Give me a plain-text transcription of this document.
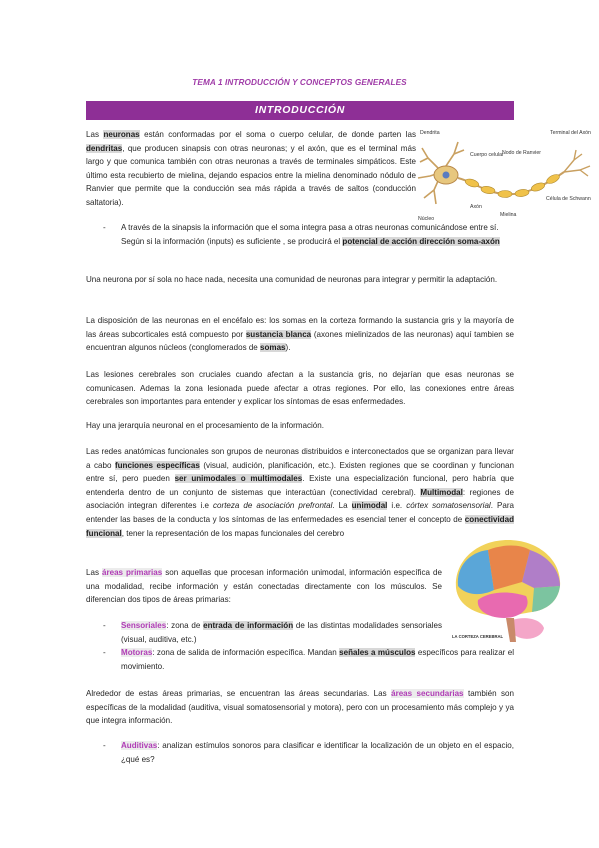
TEMA 1 INTRODUCCIÓN Y CONCEPTOS GENERALES
INTRODUCCIÓN
Dendrita
Cuerpo celular
Nodo de Ranvier
Terminal del Axón
Núcleo
Axón
Mielina
Célula de Schwann
LA CORTEZA CEREBRAL

Las neuronas están conformadas por el soma o cuerpo celular, de donde parten las dendritas, que producen sinapsis con otras neuronas; y el axón, que es el terminal más largo y que comunica también con otras neuronas a través de terminales simpáticos. Este último esta recubierto de mielina, dejando espacios entre la mielina denominado nódulo de Ranvier que permite que la conducción sea más rápida a través de saltos (conducción saltatoria).

- A través de la sinapsis la información que el soma integra pasa a otras neuronas comunicándose entre sí. Según si la información (inputs) es suficiente , se producirá el potencial de acción dirección soma-axón

Una neurona por sí sola no hace nada, necesita una comunidad de neuronas para integrar y permitir la adaptación.

La disposición de las neuronas en el encéfalo es: los somas en la corteza formando la sustancia gris y la mayoría de las áreas subcorticales está compuesto por sustancia blanca (axones mielinizados de las neuronas) aquí tambien se encuentran algunos núcleos (conglomerados de somas).

Las lesiones cerebrales son cruciales cuando afectan a la sustancia gris, no dejarían que esas neuronas se comunicasen. Ademas la zona lesionada puede afectar a otras regiones. Por ello, las conexiones entre áreas cerebrales son importantes para entender y explicar los síntomas de esas enfermedades.

Hay una jerarquía neuronal en el procesamiento de la información.

Las redes anatómicas funcionales son grupos de neuronas distribuidos e interconectados que se organizan para llevar a cabo funciones específicas (visual, audición, planificación, etc.). Existen regiones que se coordinan y funcionan entre sí, pero pueden ser unimodales o multimodales. Existe una especialización funcional, pero habría que entenderla dentro de un conjunto de sistemas que interactúan (conectividad cerebral). Multimodal: regiones de asociación integran diferentes i.e corteza de asociación prefrontal. La unimodal i.e. córtex somatosensorial. Para entender las bases de la conducta y los síntomas de las enfermedades es esencial tener el concepto de conectividad funcional, tener la representación de los mapas funcionales del cerebro

Las áreas primarias son aquellas que procesan información unimodal, información específica de una modalidad, recibe información y están conectadas directamente con los músculos. Se diferencian dos tipos de áreas primarias:

- Sensoriales: zona de entrada de información de las distintas modalidades sensoriales (visual, auditiva, etc.)

- Motoras: zona de salida de información específica. Mandan señales a músculos específicos para realizar el movimiento.

Alrededor de estas áreas primarias, se encuentran las áreas secundarias. Las áreas secundarias también son específicas de la modalidad (auditiva, visual somatosensorial y motora), pero con un procesamiento más complejo y ya que integra información.

- Auditivas: analizan estímulos sonoros para clasificar e identificar la localización de un objeto en el espacio, ¿qué es?
